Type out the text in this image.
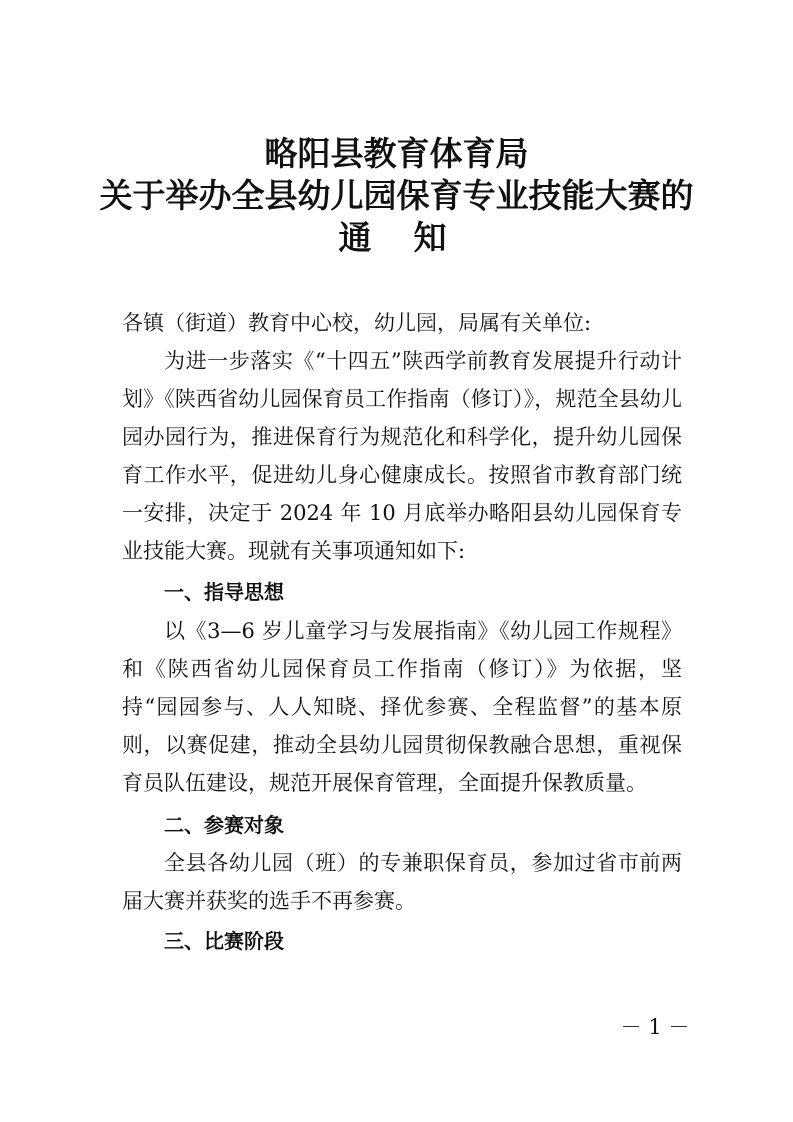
略阳县教育体育局
关于举办全县幼儿园保育专业技能大赛的
通 知
各镇（街道）教育中心校，幼儿园，局属有关单位:
为进一步落实《“十四五”陕西学前教育发展提升行动计划》《陕西省幼儿园保育员工作指南（修订）》，规范全县幼儿园办园行为，推进保育行为规范化和科学化，提升幼儿园保育工作水平，促进幼儿身心健康成长。按照省市教育部门统一安排，决定于 2024 年 10 月底举办略阳县幼儿园保育专业技能大赛。现就有关事项通知如下:
一、指导思想
以《3—6 岁儿童学习与发展指南》《幼儿园工作规程》和《陕西省幼儿园保育员工作指南（修订）》为依据，坚持“园园参与、人人知晓、择优参赛、全程监督”的基本原则，以赛促建，推动全县幼儿园贯彻保教融合思想，重视保育员队伍建设，规范开展保育管理，全面提升保教质量。
二、参赛对象
全县各幼儿园（班）的专兼职保育员，参加过省市前两届大赛并获奖的选手不再参赛。
三、比赛阶段
－ 1 －
